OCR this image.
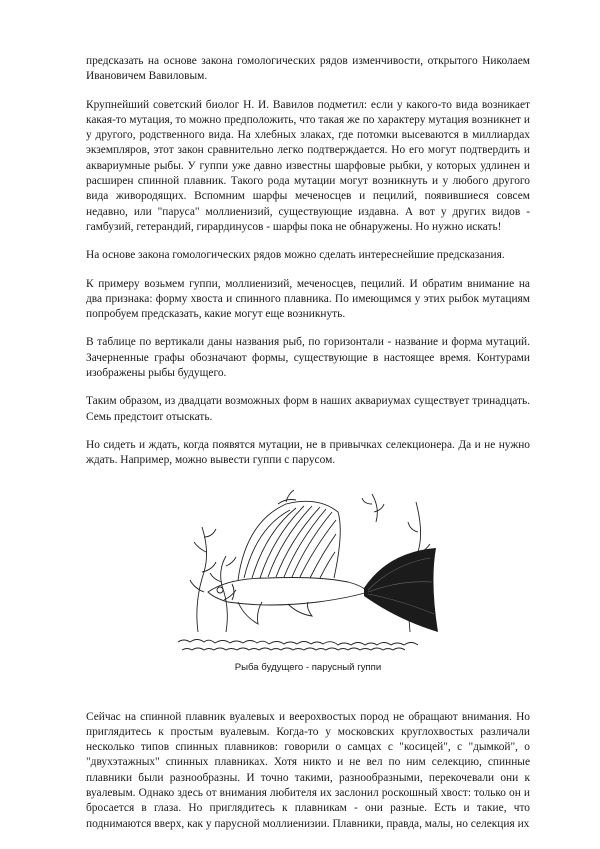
предсказать на основе закона гомологических рядов изменчивости, открытого Николаем Ивановичем Вавиловым.

Крупнейший советский биолог Н. И. Вавилов подметил: если у какого-то вида возникает какая-то мутация, то можно предположить, что такая же по характеру мутация возникнет и у другого, родственного вида. На хлебных злаках, где потомки высеваются в миллиардах экземпляров, этот закон сравнительно легко подтверждается. Но его могут подтвердить и аквариумные рыбы. У гуппи уже давно известны шарфовые рыбки, у которых удлинен и расширен спинной плавник. Такого рода мутации могут возникнуть и у любого другого вида живородящих. Вспомним шарфы меченосцев и пецилий, появившиеся совсем недавно, или "паруса" моллиенизий, существующие издавна. А вот у других видов - гамбузий, гетерандий, гирардинусов - шарфы пока не обнаружены. Но нужно искать!

На основе закона гомологических рядов можно сделать интереснейшие предсказания.

К примеру возьмем гуппи, моллиенизий, меченосцев, пецилий. И обратим внимание на два признака: форму хвоста и спинного плавника. По имеющимся у этих рыбок мутациям попробуем предсказать, какие могут еще возникнуть.

В таблице по вертикали даны названия рыб, по горизонтали - название и форма мутаций. Зачерненные графы обозначают формы, существующие в настоящее время. Контурами изображены рыбы будущего.

Таким образом, из двадцати возможных форм в наших аквариумах существует тринадцать. Семь предстоит отыскать.

Но сидеть и ждать, когда появятся мутации, не в привычках селекционера. Да и не нужно ждать. Например, можно вывести гуппи с парусом.

Рыба будущего - парусный гуппи

Сейчас на спинной плавник вуалевых и веерохвостых пород не обращают внимания. Но приглядитесь к простым вуалевым. Когда-то у московских круглохвостых различали несколько типов спинных плавников: говорили о самцах с "косицей", с "дымкой", о "двухэтажных" спинных плавниках. Хотя никто и не вел по ним селекцию, спинные плавники были разнообразны. И точно такими, разнообразными, перекочевали они к вуалевым. Однако здесь от внимания любителя их заслонил роскошный хвост: только он и бросается в глаза. Но приглядитесь к плавникам - они разные. Есть и такие, что поднимаются вверх, как у парусной моллиенизии. Плавники, правда, малы, но селекция их
